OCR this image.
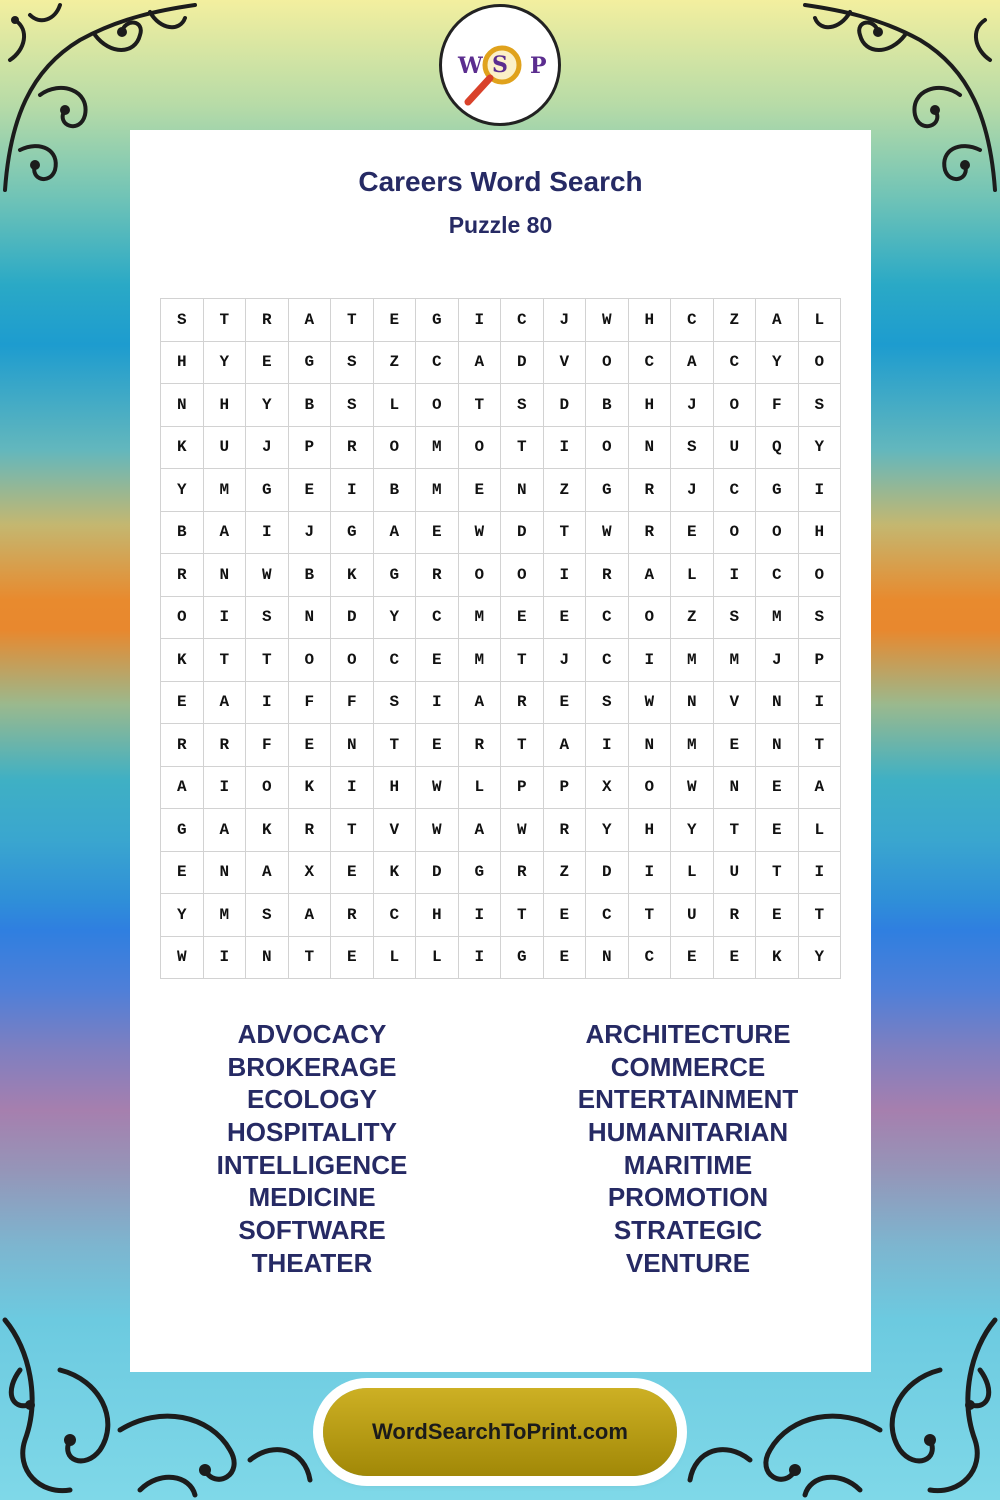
W S P
Careers Word Search
Puzzle 80
S	T	R	A	T	E	G	I	C	J	W	H	C	Z	A	L
H	Y	E	G	S	Z	C	A	D	V	O	C	A	C	Y	O
N	H	Y	B	S	L	O	T	S	D	B	H	J	O	F	S
K	U	J	P	R	O	M	O	T	I	O	N	S	U	Q	Y
Y	M	G	E	I	B	M	E	N	Z	G	R	J	C	G	I
B	A	I	J	G	A	E	W	D	T	W	R	E	O	O	H
R	N	W	B	K	G	R	O	O	I	R	A	L	I	C	O
O	I	S	N	D	Y	C	M	E	E	C	O	Z	S	M	S
K	T	T	O	O	C	E	M	T	J	C	I	M	M	J	P
E	A	I	F	F	S	I	A	R	E	S	W	N	V	N	I
R	R	F	E	N	T	E	R	T	A	I	N	M	E	N	T
A	I	O	K	I	H	W	L	P	P	X	O	W	N	E	A
G	A	K	R	T	V	W	A	W	R	Y	H	Y	T	E	L
E	N	A	X	E	K	D	G	R	Z	D	I	L	U	T	I
Y	M	S	A	R	C	H	I	T	E	C	T	U	R	E	T
W	I	N	T	E	L	L	I	G	E	N	C	E	E	K	Y
ADVOCACY
BROKERAGE
ECOLOGY
HOSPITALITY
INTELLIGENCE
MEDICINE
SOFTWARE
THEATER
ARCHITECTURE
COMMERCE
ENTERTAINMENT
HUMANITARIAN
MARITIME
PROMOTION
STRATEGIC
VENTURE
WordSearchToPrint.com
